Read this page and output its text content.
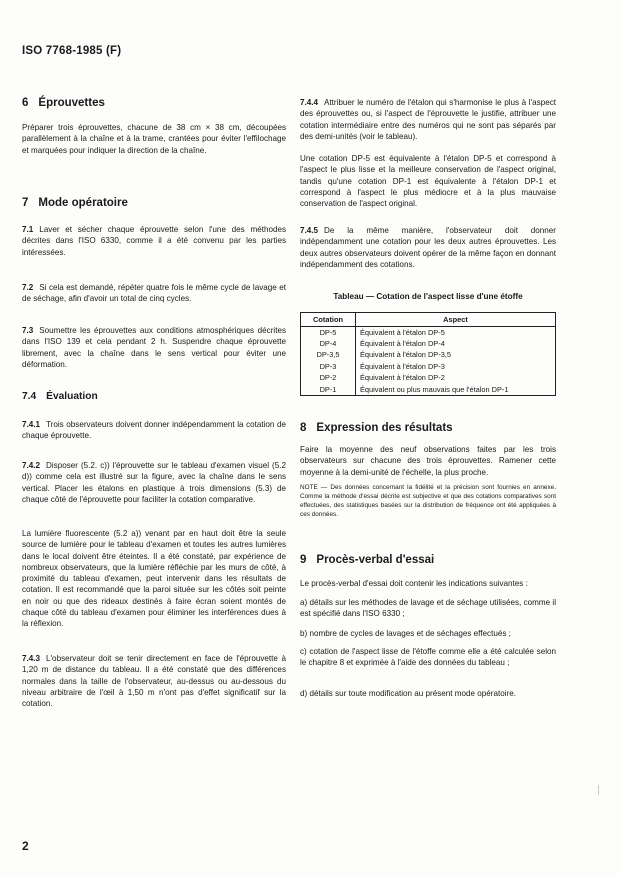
ISO 7768-1985 (F)
6 Éprouvettes

Préparer trois éprouvettes, chacune de 38 cm × 38 cm, découpées parallèlement à la chaîne et à la trame, crantées pour éviter l'effilochage et marquées pour indiquer la direction de la chaîne.

7 Mode opératoire

7.1 Laver et sécher chaque éprouvette selon l'une des méthodes décrites dans l'ISO 6330, comme il a été convenu par les parties intéressées.

7.2 Si cela est demandé, répéter quatre fois le même cycle de lavage et de séchage, afin d'avoir un total de cinq cycles.

7.3 Soumettre les éprouvettes aux conditions atmosphériques décrites dans l'ISO 139 et cela pendant 2 h. Suspendre chaque éprouvette librement, avec la chaîne dans le sens vertical pour éviter une déformation.

7.4 Évaluation

7.4.1 Trois observateurs doivent donner indépendamment la cotation de chaque éprouvette.

7.4.2 Disposer (5.2. c)) l'éprouvette sur le tableau d'examen visuel (5.2 d)) comme cela est illustré sur la figure, avec la chaîne dans le sens vertical. Placer les étalons en plastique à trois dimensions (5.3) de chaque côté de l'éprouvette pour faciliter la cotation comparative.

La lumière fluorescente (5.2 a)) venant par en haut doit être la seule source de lumière pour le tableau d'examen et toutes les autres lumières dans le local doivent être éteintes. Il a été constaté, par expérience de nombreux observateurs, que la lumière réfléchie par les murs de côté, à proximité du tableau d'examen, peut intervenir dans les résultats de cotation. Il est recommandé que la paroi située sur les côtés soit peinte en noir ou que des rideaux destinés à faire écran soient montés de chaque côté du tableau d'examen pour éliminer les interférences dues à la réflexion.

7.4.3 L'observateur doit se tenir directement en face de l'éprouvette à 1,20 m de distance du tableau. Il a été constaté que des différences normales dans la taille de l'observateur, au-dessus ou au-dessous du niveau arbitraire de l'œil à 1,50 m n'ont pas d'effet significatif sur la cotation.

7.4.4 Attribuer le numéro de l'étalon qui s'harmonise le plus à l'aspect des éprouvettes ou, si l'aspect de l'éprouvette le justifie, attribuer une cotation intermédiaire entre des numéros qui ne sont pas séparés par des demi-unités (voir le tableau).

Une cotation DP-5 est équivalente à l'étalon DP-5 et correspond à l'aspect le plus lisse et la meilleure conservation de l'aspect original, tandis qu'une cotation DP-1 est équivalente à l'étalon DP-1 et correspond à l'aspect le plus médiocre et à la plus mauvaise conservation de l'aspect original.

7.4.5 De la même manière, l'observateur doit donner indépendamment une cotation pour les deux autres éprouvettes. Les deux autres observateurs doivent opérer de la même façon en donnant indépendamment des cotations.

Tableau — Cotation de l'aspect lisse d'une étoffe
Cotation	Aspect
DP-5	Équivalent à l'étalon DP-5
DP-4	Équivalent à l'étalon DP-4
DP-3,5	Équivalent à l'étalon DP-3,5
DP-3	Équivalent à l'étalon DP-3
DP-2	Équivalent à l'étalon DP-2
DP-1	Équivalent ou plus mauvais que l'étalon DP-1
8 Expression des résultats

Faire la moyenne des neuf observations faites par les trois observateurs sur chacune des trois éprouvettes. Ramener cette moyenne à la demi-unité de l'échelle, la plus proche.

NOTE — Des données concernant la fidélité et la précision sont fournies en annexe. Comme la méthode d'essai décrite est subjective et que des cotations comparatives sont effectuées, des statistiques basées sur la distribution de fréquence ont été appliquées à ces données.

9 Procès-verbal d'essai

Le procès-verbal d'essai doit contenir les indications suivantes :

a) détails sur les méthodes de lavage et de séchage utilisées, comme il est spécifié dans l'ISO 6330 ;

b) nombre de cycles de lavages et de séchages effectués ;

c) cotation de l'aspect lisse de l'étoffe comme elle a été calculée selon le chapitre 8 et exprimée à l'aide des données du tableau ;

d) détails sur toute modification au présent mode opératoire.

2
